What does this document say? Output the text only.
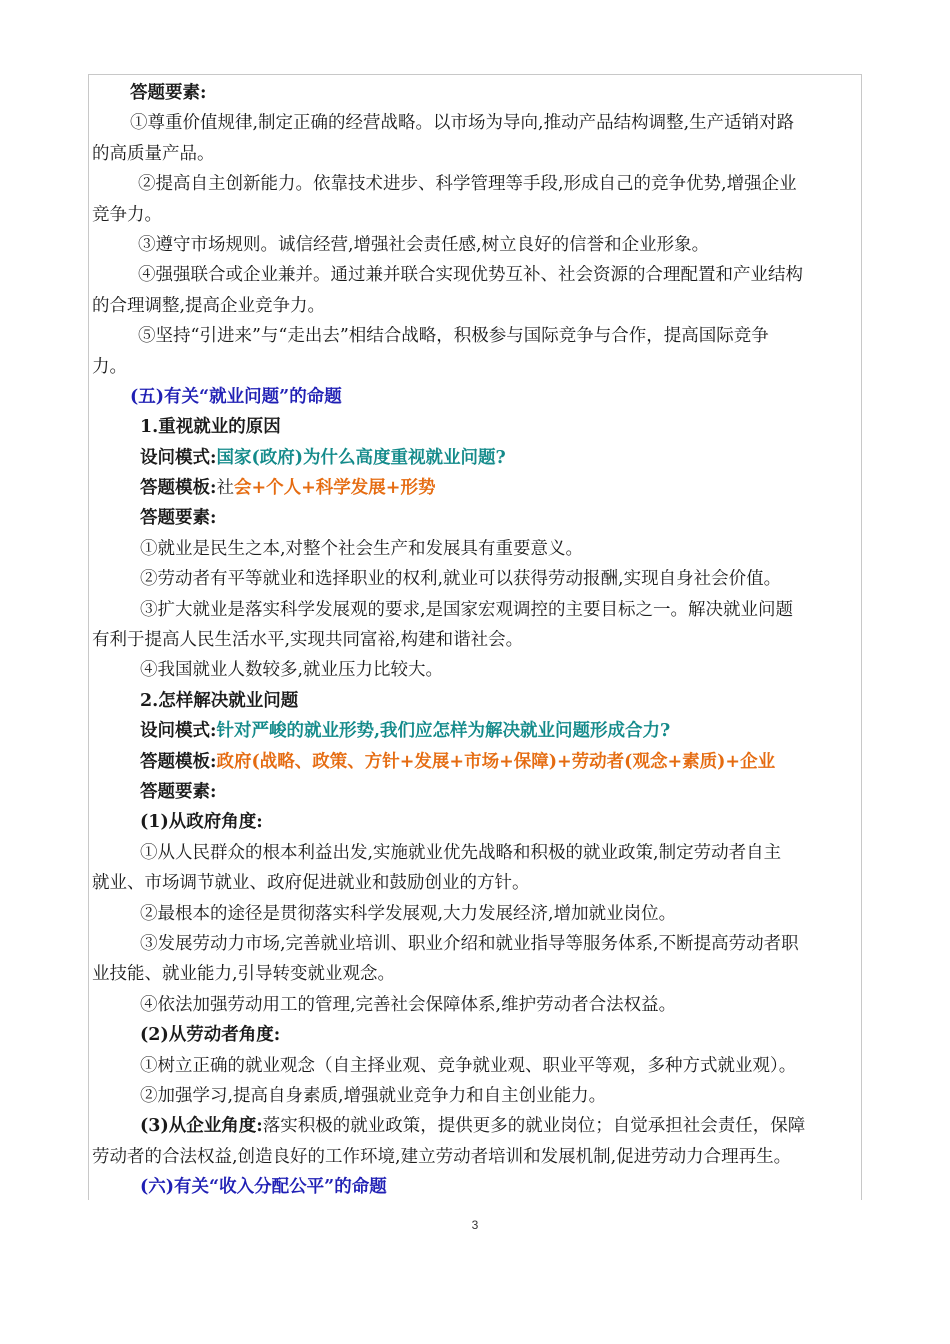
答题要素:
①尊重价值规律,制定正确的经营战略。以市场为导向,推动产品结构调整,生产适销对路
的高质量产品。
②提高自主创新能力。依靠技术进步、科学管理等手段,形成自己的竞争优势,增强企业
竞争力。
③遵守市场规则。诚信经营,增强社会责任感,树立良好的信誉和企业形象。
④强强联合或企业兼并。通过兼并联合实现优势互补、社会资源的合理配置和产业结构
的合理调整,提高企业竞争力。
⑤坚持“引进来”与“走出去”相结合战略，积极参与国际竞争与合作，提高国际竞争
力。
(五)有关“就业问题”的命题
1.重视就业的原因
设问模式:国家(政府)为什么高度重视就业问题?
答题模板:社会+个人+科学发展+形势
答题要素:
①就业是民生之本,对整个社会生产和发展具有重要意义。
②劳动者有平等就业和选择职业的权利,就业可以获得劳动报酬,实现自身社会价值。
③扩大就业是落实科学发展观的要求,是国家宏观调控的主要目标之一。解决就业问题
有利于提高人民生活水平,实现共同富裕,构建和谐社会。
④我国就业人数较多,就业压力比较大。
2.怎样解决就业问题
设问模式:针对严峻的就业形势,我们应怎样为解决就业问题形成合力?
答题模板:政府(战略、政策、方针+发展+市场+保障)+劳动者(观念+素质)+企业
答题要素:
(1)从政府角度:
①从人民群众的根本利益出发,实施就业优先战略和积极的就业政策,制定劳动者自主
就业、市场调节就业、政府促进就业和鼓励创业的方针。
②最根本的途径是贯彻落实科学发展观,大力发展经济,增加就业岗位。
③发展劳动力市场,完善就业培训、职业介绍和就业指导等服务体系,不断提高劳动者职
业技能、就业能力,引导转变就业观念。
④依法加强劳动用工的管理,完善社会保障体系,维护劳动者合法权益。
(2)从劳动者角度:
①树立正确的就业观念（自主择业观、竞争就业观、职业平等观，多种方式就业观）。
②加强学习,提高自身素质,增强就业竞争力和自主创业能力。
(3)从企业角度:落实积极的就业政策，提供更多的就业岗位；自觉承担社会责任，保障
劳动者的合法权益,创造良好的工作环境,建立劳动者培训和发展机制,促进劳动力合理再生。
(六)有关“收入分配公平”的命题
3
